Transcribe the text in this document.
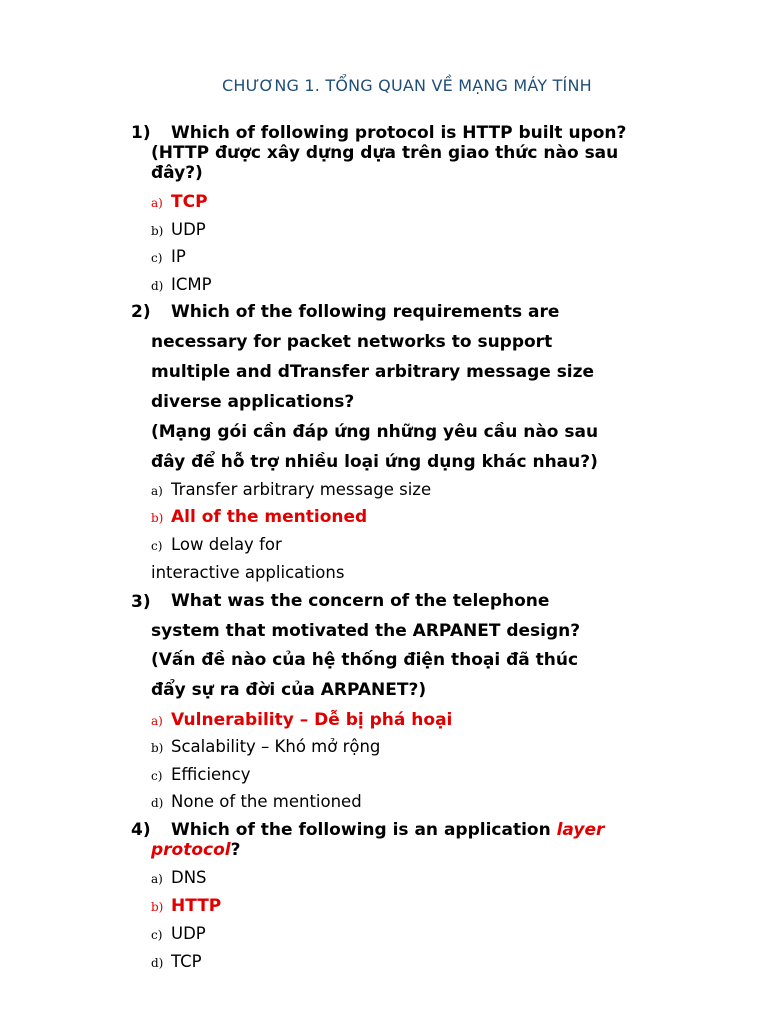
CHƯƠNG 1. TỔNG QUAN VỀ MẠNG MÁY TÍNH
1)	Which of following protocol is HTTP built upon?
(HTTP được xây dựng dựa trên giao thức nào sau
đây?)
a) TCP
b) UDP
c) IP
d) ICMP
2)	Which of the following requirements are
necessary for packet networks to support
multiple and dTransfer arbitrary message size
diverse applications?
(Mạng gói cần đáp ứng những yêu cầu nào sau
đây để hỗ trợ nhiều loại ứng dụng khác nhau?)
a) Transfer arbitrary message size
b) All of the mentioned
c) Low delay for
interactive applications
3)	What was the concern of the telephone
system that motivated the ARPANET design?
(Vấn đề nào của hệ thống điện thoại đã thúc
đẩy sự ra đời của ARPANET?)
a) Vulnerability – Dễ bị phá hoại
b) Scalability – Khó mở rộng
c) Efficiency
d) None of the mentioned
4)	Which of the following is an application layer
protocol?
a) DNS
b) HTTP
c) UDP
d) TCP
